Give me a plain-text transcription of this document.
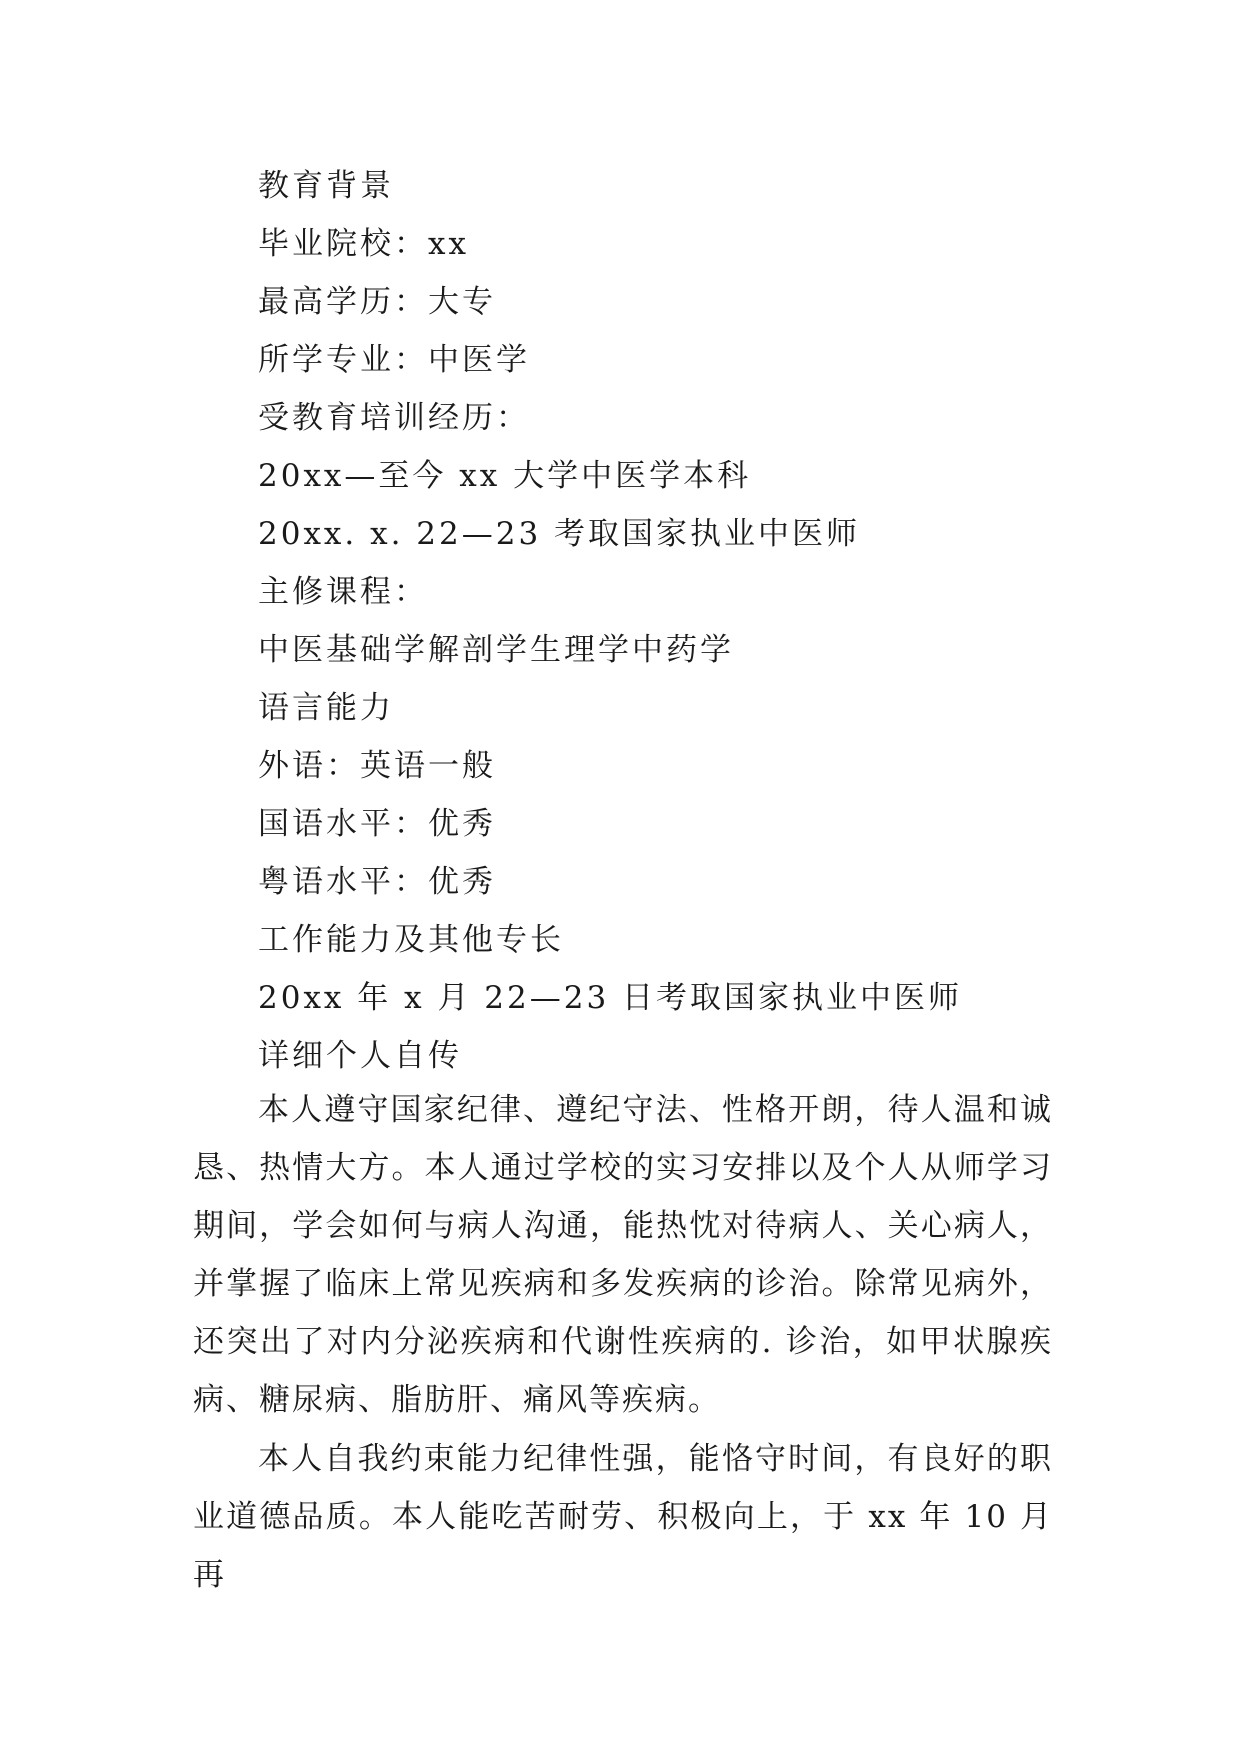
教育背景
毕业院校：xx
最高学历：大专
所学专业：中医学
受教育培训经历：
20xx—至今 xx 大学中医学本科
20xx. x. 22—23 考取国家执业中医师
主修课程：
中医基础学解剖学生理学中药学
语言能力
外语：英语一般
国语水平：优秀
粤语水平：优秀
工作能力及其他专长
20xx 年 x 月 22—23 日考取国家执业中医师
详细个人自传

本人遵守国家纪律、遵纪守法、性格开朗，待人温和诚恳、热情大方。本人通过学校的实习安排以及个人从师学习期间，学会如何与病人沟通，能热忱对待病人、关心病人，并掌握了临床上常见疾病和多发疾病的诊治。除常见病外，还突出了对内分泌疾病和代谢性疾病的. 诊治，如甲状腺疾病、糖尿病、脂肪肝、痛风等疾病。

本人自我约束能力纪律性强，能恪守时间，有良好的职业道德品质。本人能吃苦耐劳、积极向上，于 xx 年 10 月再
